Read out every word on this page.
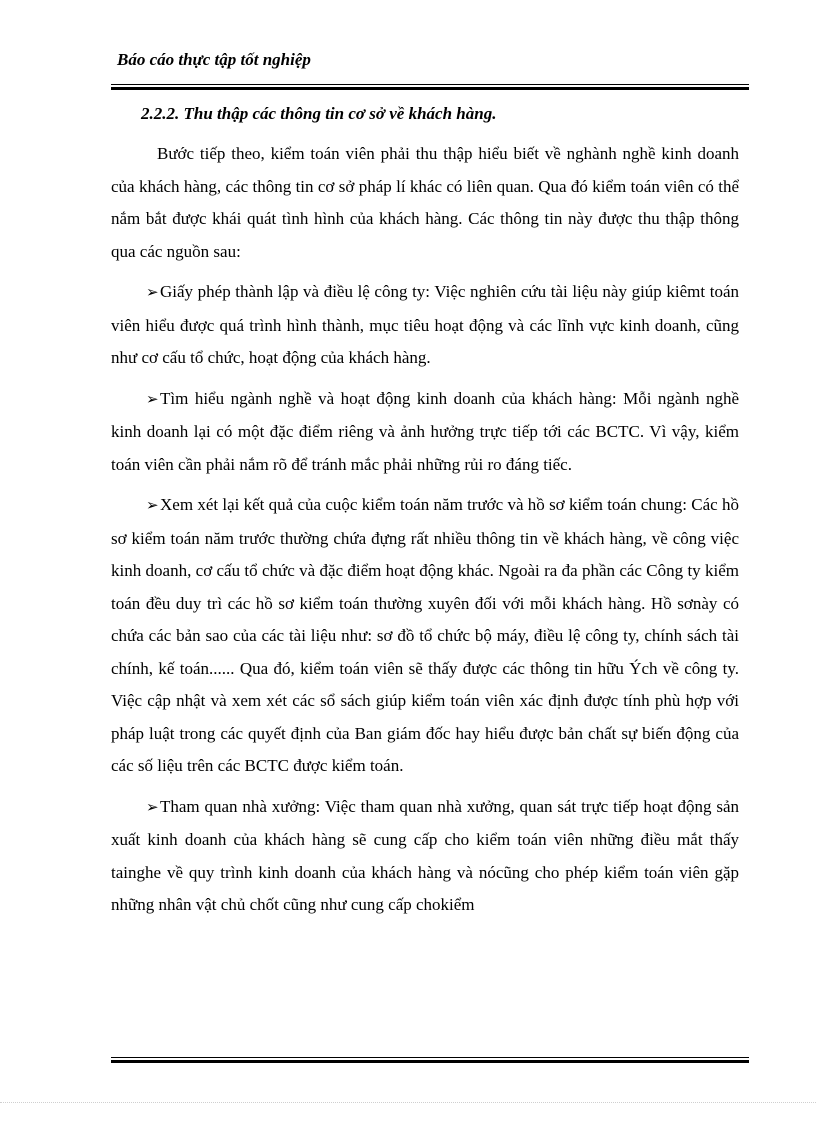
Báo cáo thực tập tốt nghiệp

2.2.2. Thu thập các thông tin cơ sở về khách hàng.

Bước tiếp theo, kiểm toán viên phải thu thập hiểu biết về nghành nghề kinh doanh của khách hàng, các thông tin cơ sở pháp lí khác có liên quan. Qua đó kiểm toán viên có thể nắm bắt được khái quát tình hình của khách hàng. Các thông tin này được thu thập thông qua các nguồn sau:

➢Giấy phép thành lập và điều lệ công ty: Việc nghiên cứu tài liệu này giúp kiêmt toán viên hiểu được quá trình hình thành, mục tiêu hoạt động và các lĩnh vực kinh doanh, cũng như cơ cấu tổ chức, hoạt động của khách hàng.

➢Tìm hiểu ngành nghề và hoạt động kinh doanh của khách hàng: Mỗi ngành nghề kinh doanh lại có một đặc điểm riêng và ảnh hưởng trực tiếp tới các BCTC. Vì vậy, kiểm toán viên cần phải nắm rõ để tránh mắc phải những rủi ro đáng tiếc.

➢Xem xét lại kết quả của cuộc kiểm toán năm trước và hồ sơ kiểm toán chung: Các hồ sơ kiểm toán năm trước thường chứa đựng rất nhiều thông tin về khách hàng, về công việc kinh doanh, cơ cấu tổ chức và đặc điểm hoạt động khác. Ngoài ra đa phần các Công ty kiểm toán đều duy trì các hồ sơ kiểm toán thường xuyên đối với mỗi khách hàng. Hồ sơnày có chứa các bản sao của các tài liệu như: sơ đồ tổ chức bộ máy, điều lệ công ty, chính sách tài chính, kế toán...... Qua đó, kiểm toán viên sẽ thấy được các thông tin hữu Ých về công ty. Việc cập nhật và xem xét các sổ sách giúp kiểm toán viên xác định được tính phù hợp với pháp luật trong các quyết định của Ban giám đốc hay hiểu được bản chất sự biến động của các số liệu trên các BCTC được kiểm toán.

➢Tham quan nhà xưởng: Việc tham quan nhà xưởng, quan sát trực tiếp hoạt động sản xuất kinh doanh của khách hàng sẽ cung cấp cho kiểm toán viên những điều mắt thấy tainghe về quy trình kinh doanh của khách hàng và nócũng cho phép kiểm toán viên gặp những nhân vật chủ chốt cũng như cung cấp chokiểm
